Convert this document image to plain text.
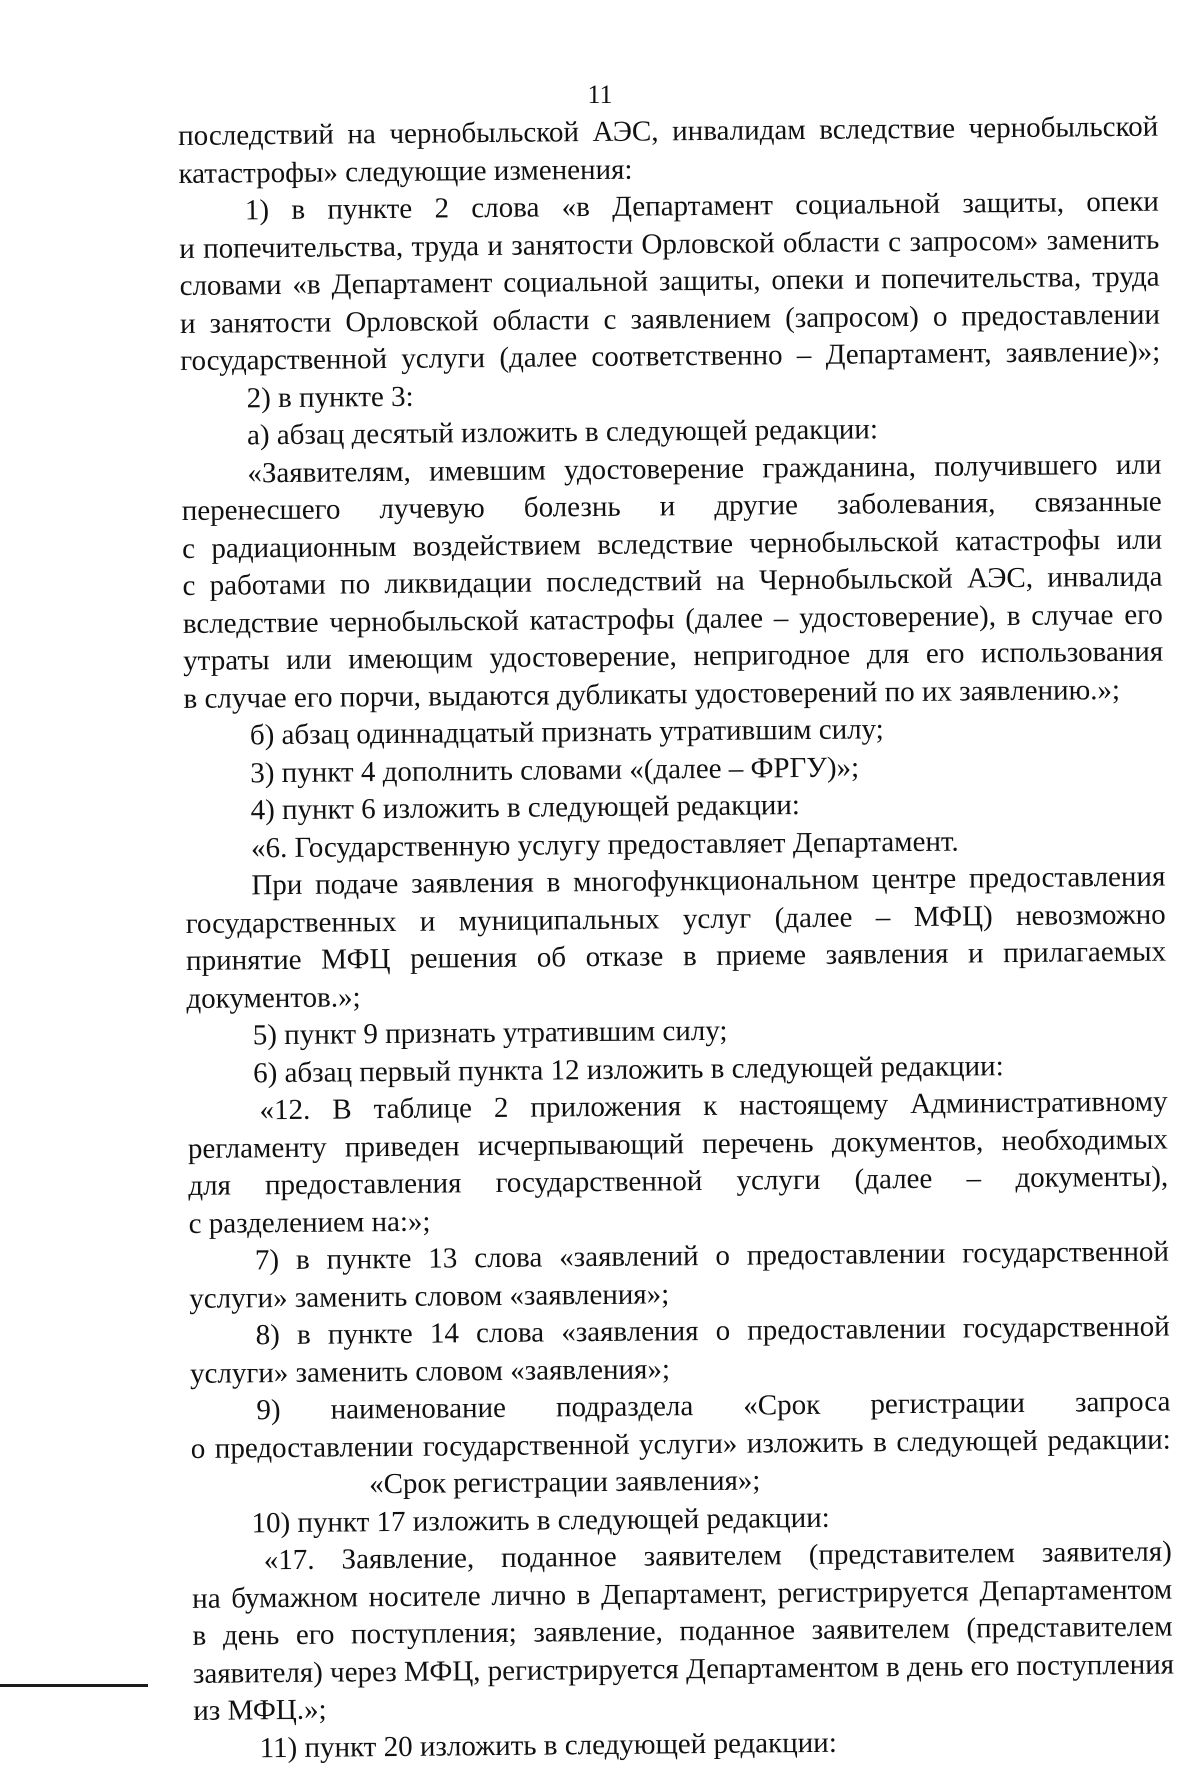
11
последствий на чернобыльской АЭС, инвалидам вследствие чернобыльской
катастрофы» следующие изменения:
1) в пункте 2 слова «в Департамент социальной защиты, опеки
и попечительства, труда и занятости Орловской области с запросом» заменить
словами «в Департамент социальной защиты, опеки и попечительства, труда
и занятости Орловской области с заявлением (запросом) о предоставлении
государственной услуги (далее соответственно – Департамент, заявление)»;
2) в пункте 3:
а) абзац десятый изложить в следующей редакции:
«Заявителям, имевшим удостоверение гражданина, получившего или
перенесшего лучевую болезнь и другие заболевания, связанные
с радиационным воздействием вследствие чернобыльской катастрофы или
с работами по ликвидации последствий на Чернобыльской АЭС, инвалида
вследствие чернобыльской катастрофы (далее – удостоверение), в случае его
утраты или имеющим удостоверение, непригодное для его использования
в случае его порчи, выдаются дубликаты удостоверений по их заявлению.»;
б) абзац одиннадцатый признать утратившим силу;
3) пункт 4 дополнить словами «(далее – ФРГУ)»;
4) пункт 6 изложить в следующей редакции:
«6. Государственную услугу предоставляет Департамент.
При подаче заявления в многофункциональном центре предоставления
государственных и муниципальных услуг (далее – МФЦ) невозможно
принятие МФЦ решения об отказе в приеме заявления и прилагаемых
документов.»;
5) пункт 9 признать утратившим силу;
6) абзац первый пункта 12 изложить в следующей редакции:
«12. В таблице 2 приложения к настоящему Административному
регламенту приведен исчерпывающий перечень документов, необходимых
для предоставления государственной услуги (далее – документы),
с разделением на:»;
7) в пункте 13 слова «заявлений о предоставлении государственной
услуги» заменить словом «заявления»;
8) в пункте 14 слова «заявления о предоставлении государственной
услуги» заменить словом «заявления»;
9) наименование подраздела «Срок регистрации запроса
о предоставлении государственной услуги» изложить в следующей редакции:
«Срок регистрации заявления»;
10) пункт 17 изложить в следующей редакции:
«17. Заявление, поданное заявителем (представителем заявителя)
на бумажном носителе лично в Департамент, регистрируется Департаментом
в день его поступления; заявление, поданное заявителем (представителем
заявителя) через МФЦ, регистрируется Департаментом в день его поступления
из МФЦ.»;
11) пункт 20 изложить в следующей редакции:
